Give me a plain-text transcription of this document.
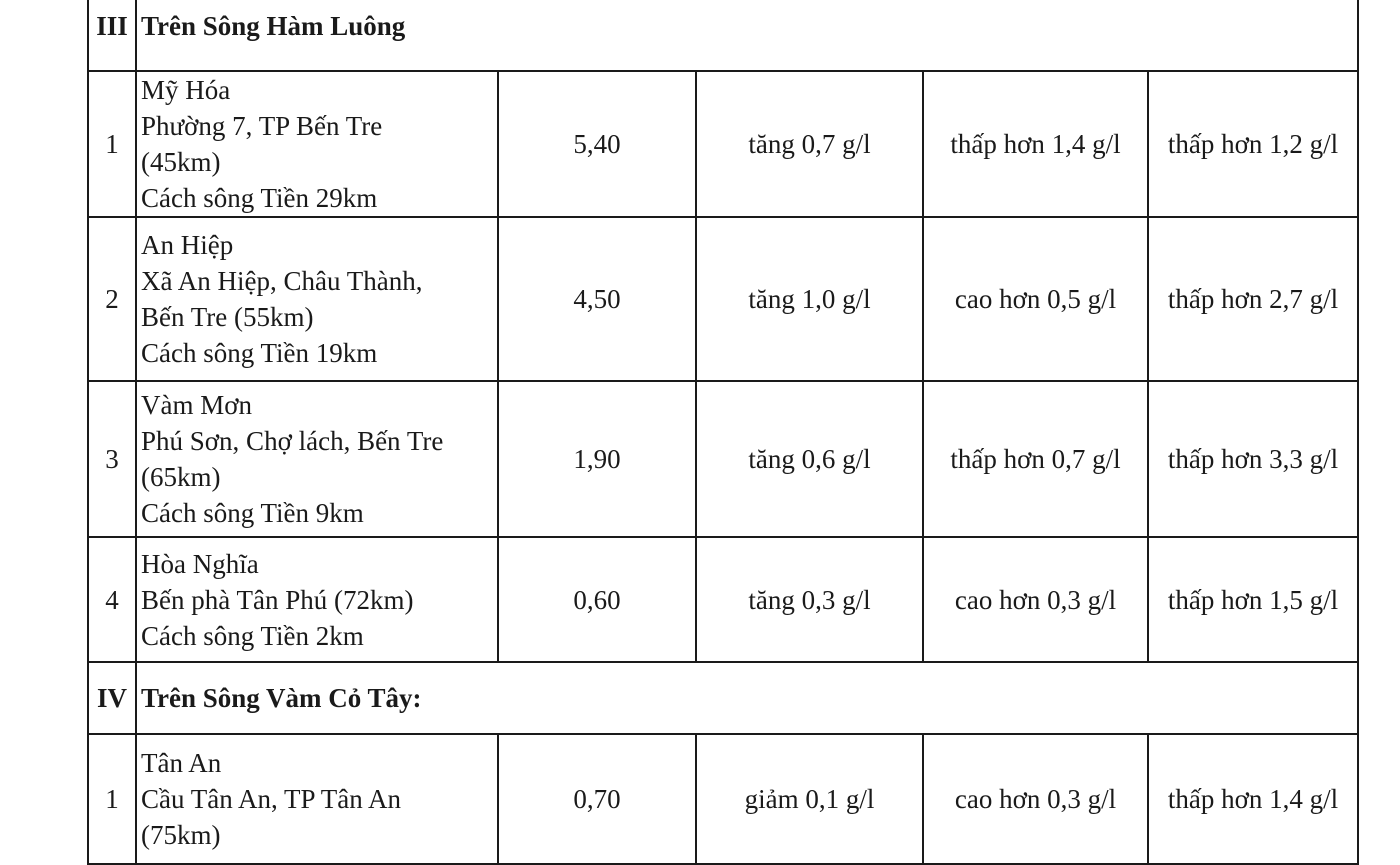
III	Trên Sông Hàm Luông				
1	Mỹ Hóa
Phường 7, TP Bến Tre
(45km)
Cách sông Tiền 29km	5,40	tăng 0,7 g/l	thấp hơn 1,4 g/l	thấp hơn 1,2 g/l
2	An Hiệp
Xã An Hiệp, Châu Thành,
Bến Tre (55km)
Cách sông Tiền 19km	4,50	tăng 1,0 g/l	cao hơn 0,5 g/l	thấp hơn 2,7 g/l
3	Vàm Mơn
Phú Sơn, Chợ lách, Bến Tre
(65km)
Cách sông Tiền 9km	1,90	tăng 0,6 g/l	thấp hơn 0,7 g/l	thấp hơn 3,3 g/l
4	Hòa Nghĩa
Bến phà Tân Phú (72km)
Cách sông Tiền 2km	0,60	tăng 0,3 g/l	cao hơn 0,3 g/l	thấp hơn 1,5 g/l
IV	Trên Sông Vàm Cỏ Tây:				
1	Tân An
Cầu Tân An, TP Tân An
(75km)	0,70	giảm 0,1 g/l	cao hơn 0,3 g/l	thấp hơn 1,4 g/l
